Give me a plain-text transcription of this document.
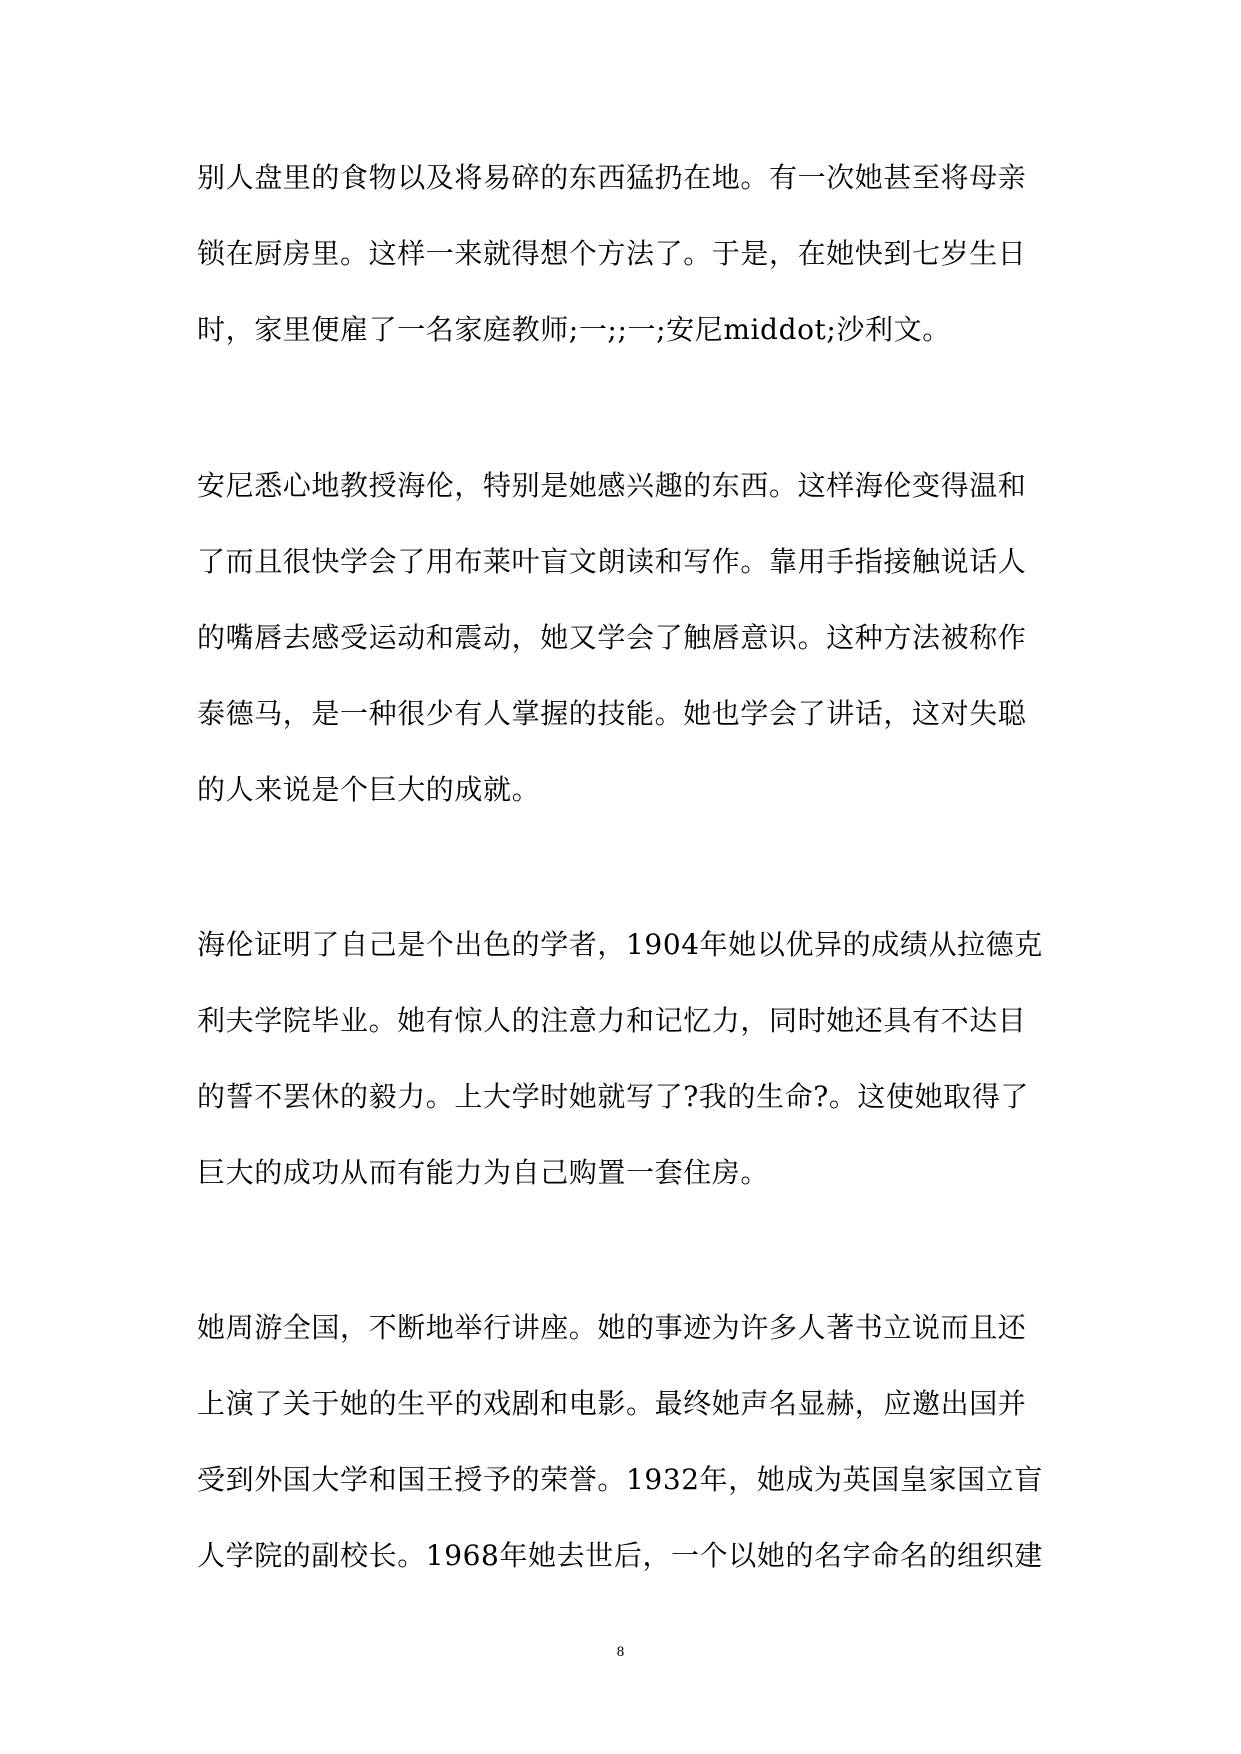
别人盘里的食物以及将易碎的东西猛扔在地。有一次她甚至将母亲
锁在厨房里。这样一来就得想个方法了。于是，在她快到七岁生日
时，家里便雇了一名家庭教师;一;;一;安尼middot;沙利文。
安尼悉心地教授海伦，特别是她感兴趣的东西。这样海伦变得温和
了而且很快学会了用布莱叶盲文朗读和写作。靠用手指接触说话人
的嘴唇去感受运动和震动，她又学会了触唇意识。这种方法被称作
泰德马，是一种很少有人掌握的技能。她也学会了讲话，这对失聪
的人来说是个巨大的成就。
海伦证明了自己是个出色的学者，1904年她以优异的成绩从拉德克
利夫学院毕业。她有惊人的注意力和记忆力，同时她还具有不达目
的誓不罢休的毅力。上大学时她就写了?我的生命?。这使她取得了
巨大的成功从而有能力为自己购置一套住房。
她周游全国，不断地举行讲座。她的事迹为许多人著书立说而且还
上演了关于她的生平的戏剧和电影。最终她声名显赫，应邀出国并
受到外国大学和国王授予的荣誉。1932年，她成为英国皇家国立盲
人学院的副校长。1968年她去世后，一个以她的名字命名的组织建
8
